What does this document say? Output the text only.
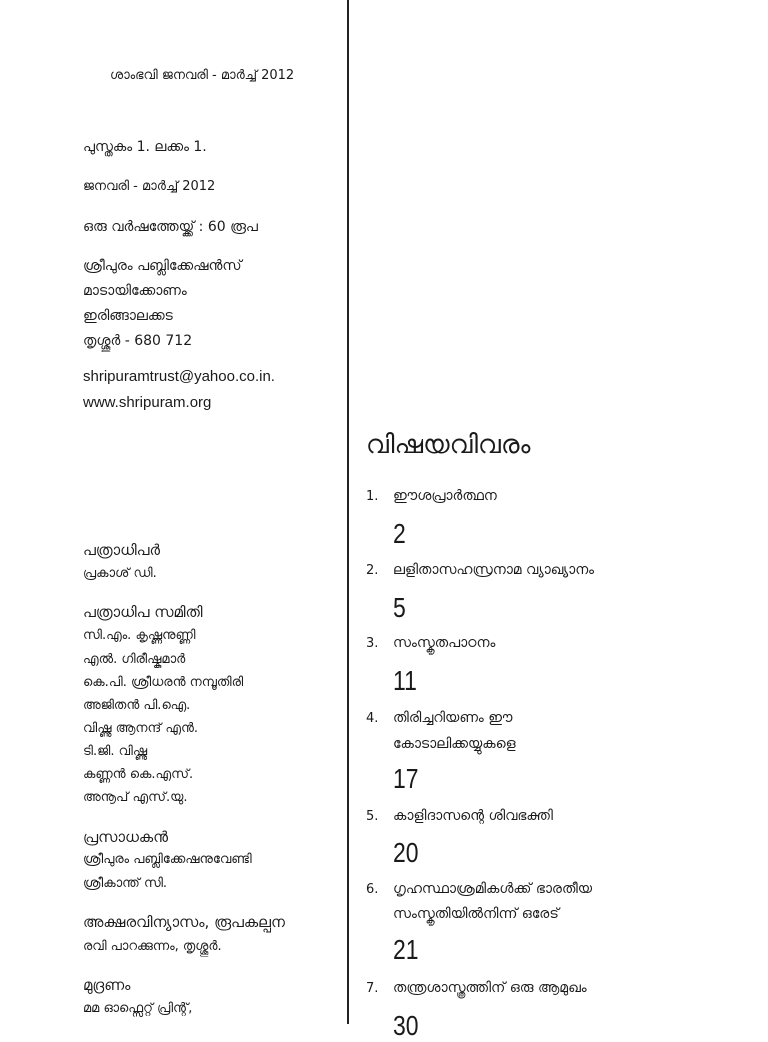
ശാംഭവി ജനവരി - മാർച്ച് 2012
പുസ്തകം 1. ലക്കം 1.
ജനവരി - മാർച്ച് 2012
ഒരു വർഷത്തേയ്ക്ക് : 60 രൂപ
ശ്രീപുരം പബ്ലിക്കേഷൻസ്
മാടായിക്കോണം
ഇരിങ്ങാലക്കട
തൃശ്ശൂർ - 680 712
shripuramtrust@yahoo.co.in.
www.shripuram.org
പത്രാധിപർ
പ്രകാശ് ഡി.
പത്രാധിപ സമിതി
സി.എം. കൃഷ്ണനുണ്ണി
എൽ. ഗിരീഷ്കുമാർ
കെ.പി. ശ്രീധരൻ നമ്പൂതിരി
അജിതൻ പി.ഐ.
വിഷ്ണു ആനന്ദ് എൻ.
ടി.ജി. വിഷ്ണു
കണ്ണൻ കെ.എസ്.
അനൂപ് എസ്.യു.
പ്രസാധകൻ
ശ്രീപുരം പബ്ലിക്കേഷനുവേണ്ടി
ശ്രീകാന്ത് സി.
അക്ഷരവിന്യാസം, രൂപകല്പന
രവി പാറക്കുന്നം, തൃശ്ശൂർ.
മുദ്രണം
മമ ഓഫ്സെറ്റ് പ്രിന്റ്,
വിഷയവിവരം
1.	ഈശപ്രാർത്ഥന
2
2.	ലളിതാസഹസ്രനാമ വ്യാഖ്യാനം
5
3.	സംസ്കൃതപാഠനം
11
4.	തിരിച്ചറിയണം ഈ
കോടാലിക്കയ്യുകളെ
17
5.	കാളിദാസന്റെ ശിവഭക്തി
20
6.	ഗൃഹസ്ഥാശ്രമികൾക്ക് ഭാരതീയ
സംസ്കൃതിയിൽനിന്ന് ഒരേട്
21
7.	തന്ത്രശാസ്ത്രത്തിന് ഒരു ആമുഖം
30
